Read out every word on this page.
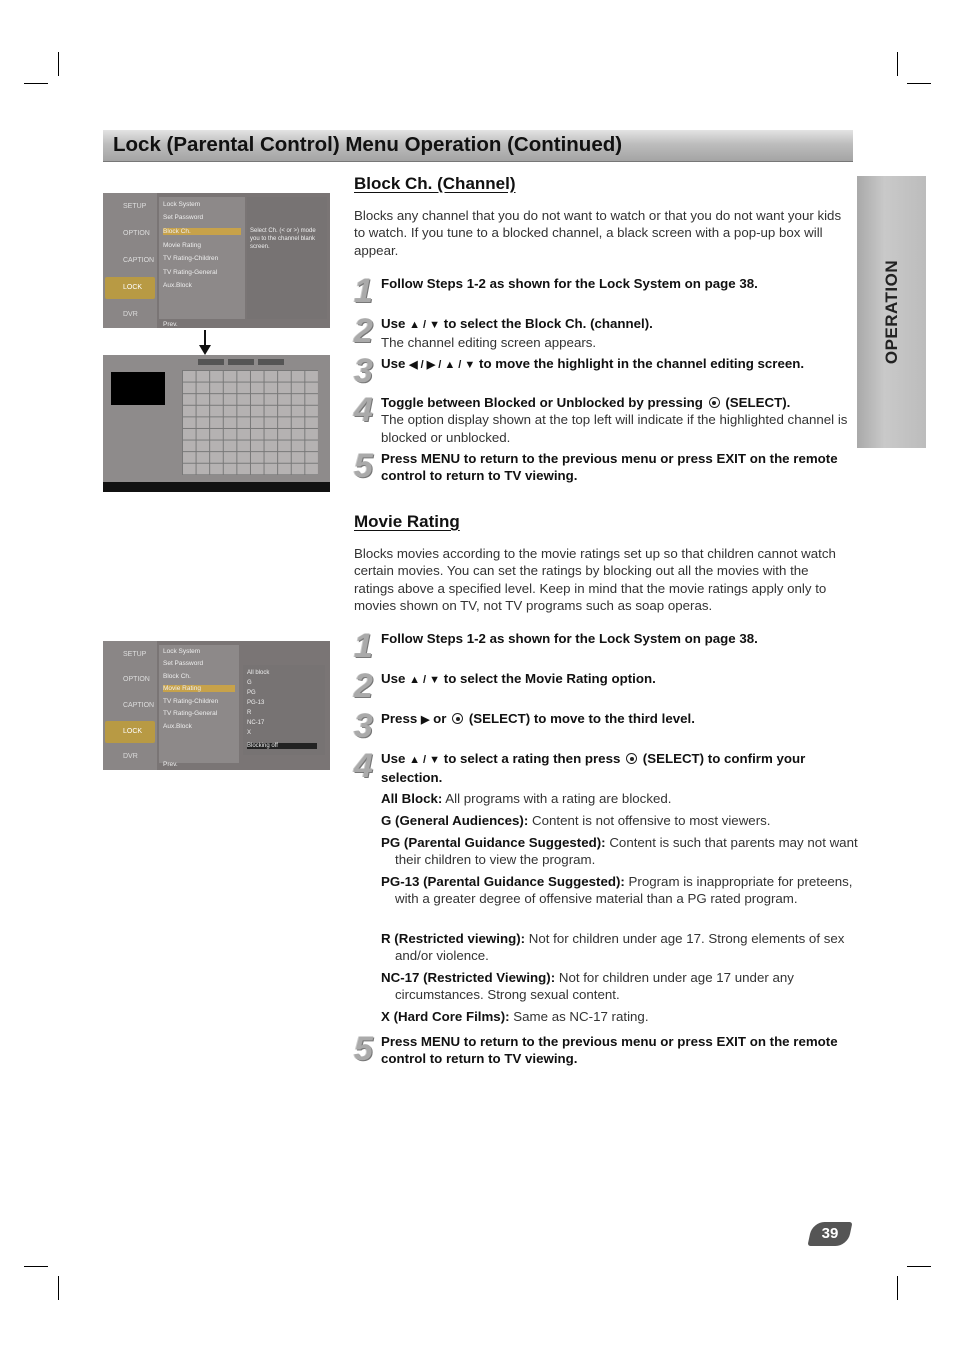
Lock (Parental Control) Menu Operation (Continued)
OPERATION
SETUP
OPTION
CAPTION
LOCK
DVR
Lock System
Set Password
Block Ch.
Movie Rating
TV Rating-Children
TV Rating-General
Aux.Block
Prev.
Select Ch. (< or >) mode you to the channel blank screen.
SETUP
OPTION
CAPTION
LOCK
DVR
Lock System
Set Password
Block Ch.
Movie Rating
TV Rating-Children
TV Rating-General
Aux.Block
Prev.
All block
G
PG
PG-13
R
NC-17
X
Blocking off
Block Ch. (Channel)

Blocks any channel that you do not want to watch or that you do not want your kids to watch. If you tune to a blocked channel, a black screen with a pop-up box will appear.

1 Follow Steps 1-2 as shown for the Lock System on page 38.
2 Use ▲ / ▼ to select the Block Ch. (channel).
The channel editing screen appears.
3 Use ◀ / ▶ / ▲ / ▼ to move the highlight in the channel editing screen.
4 Toggle between Blocked or Unblocked by pressing (SELECT).
The option display shown at the top left will indicate if the highlighted channel is blocked or unblocked.
5 Press MENU to return to the previous menu or press EXIT on the remote control to return to TV viewing.
Movie Rating

Blocks movies according to the movie ratings set up so that children cannot watch certain movies. You can set the ratings by blocking out all the movies with the ratings above a specified level. Keep in mind that the movie ratings apply only to movies shown on TV, not TV programs such as soap operas.

1 Follow Steps 1-2 as shown for the Lock System on page 38.
2 Use ▲ / ▼ to select the Movie Rating option.
3 Press ▶ or (SELECT) to move to the third level.
4 Use ▲ / ▼ to select a rating then press (SELECT) to confirm your selection.
All Block: All programs with a rating are blocked.
G (General Audiences): Content is not offensive to most viewers.
PG (Parental Guidance Suggested): Content is such that parents may not want their children to view the program.
PG-13 (Parental Guidance Suggested): Program is inappropriate for preteens, with a greater degree of offensive material than a PG rated program.
R (Restricted viewing): Not for children under age 17. Strong elements of sex and/or violence.
NC-17 (Restricted Viewing): Not for children under age 17 under any circumstances. Strong sexual content.
X (Hard Core Films): Same as NC-17 rating.
5 Press MENU to return to the previous menu or press EXIT on the remote control to return to TV viewing.
39
